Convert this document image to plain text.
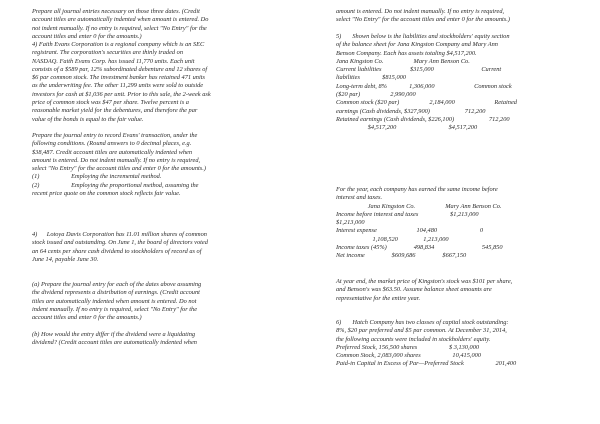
Prepare all journal entries necessary on those three dates. (Credit
account titles are automatically indented when amount is entered. Do
not indent manually. If no entry is required, select "No Entry" for the
account titles and enter 0 for the amounts.)
4) Faith Evans Corporation is a regional company which is an SEC
registrant. The corporation's securities are thinly traded on
NASDAQ. Faith Evans Corp. has issued 11,770 units. Each unit
consists of a $589 par, 12% subordinated debenture and 12 shares of
$6 par common stock. The investment banker has retained 471 units
as the underwriting fee. The other 11,299 units were sold to outside
investors for cash at $1,036 per unit. Prior to this sale, the 2-week ask
price of common stock was $47 per share. Twelve percent is a
reasonable market yield for the debentures, and therefore the par
value of the bonds is equal to the fair value.
Prepare the journal entry to record Evans' transaction, under the
following conditions. (Round answers to 0 decimal places, e.g.
$38,487. Credit account titles are automatically indented when
amount is entered. Do not indent manually. If no entry is required,
select "No Entry" for the account titles and enter 0 for the amounts.)
(1)                    Employing the incremental method.
(2)                    Employing the proportional method, assuming the
recent price quote on the common stock reflects fair value.
4)      Lotoya Davis Corporation has 11.01 million shares of common
stock issued and outstanding. On June 1, the board of directors voted
an 64 cents per share cash dividend to stockholders of record as of
June 14, payable June 30.
(a) Prepare the journal entry for each of the dates above assuming
the dividend represents a distribution of earnings. (Credit account
titles are automatically indented when amount is entered. Do not
indent manually. If no entry is required, select "No Entry" for the
account titles and enter 0 for the amounts.)
(b) How would the entry differ if the dividend were a liquidating
dividend? (Credit account titles are automatically indented when
amount is entered. Do not indent manually. If no entry is required,
select "No Entry" for the account titles and enter 0 for the amounts.)
5)       Shown below is the liabilities and stockholders' equity section
of the balance sheet for Jana Kingston Company and Mary Ann
Benson Company. Each has assets totaling $4,517,200.
Jana Kingston Co.                   Mary Ann Benson Co.
Current liabilities                  $315,000                              Current
liabilities              $815,000
Long-term debt, 8%              1,306,000                         Common stock
($20 par)                   2,990,000
Common stock ($20 par)                   2,184,000                         Retained
earnings (Cash dividends, $327,900)                      712,200
Retained earnings (Cash dividends, $226,100)                      712,200
$4,517,200                                 $4,517,200
For the year, each company has earned the same income before
interest and taxes.
Jana Kingston Co.                   Mary Ann Benson Co.
Income before interest and taxes                    $1,213,000
$1,213,000
Interest expense                         104,480                           0
1,108,520                1,213,000
Income taxes (45%)                 498,834                              545,850
Net income                 $609,686                 $667,150
At year end, the market price of Kingston's stock was $101 per share,
and Benson's was $63.50. Assume balance sheet amounts are
representative for the entire year.
6)       Hatch Company has two classes of capital stock outstanding:
8%, $20 par preferred and $5 par common. At December 31, 2014,
the following accounts were included in stockholders' equity.
Preferred Stock, 156,500 shares                    $ 3,130,000
Common Stock, 2,083,000 shares                    10,415,000
Paid-in Capital in Excess of Par—Preferred Stock                    201,400
